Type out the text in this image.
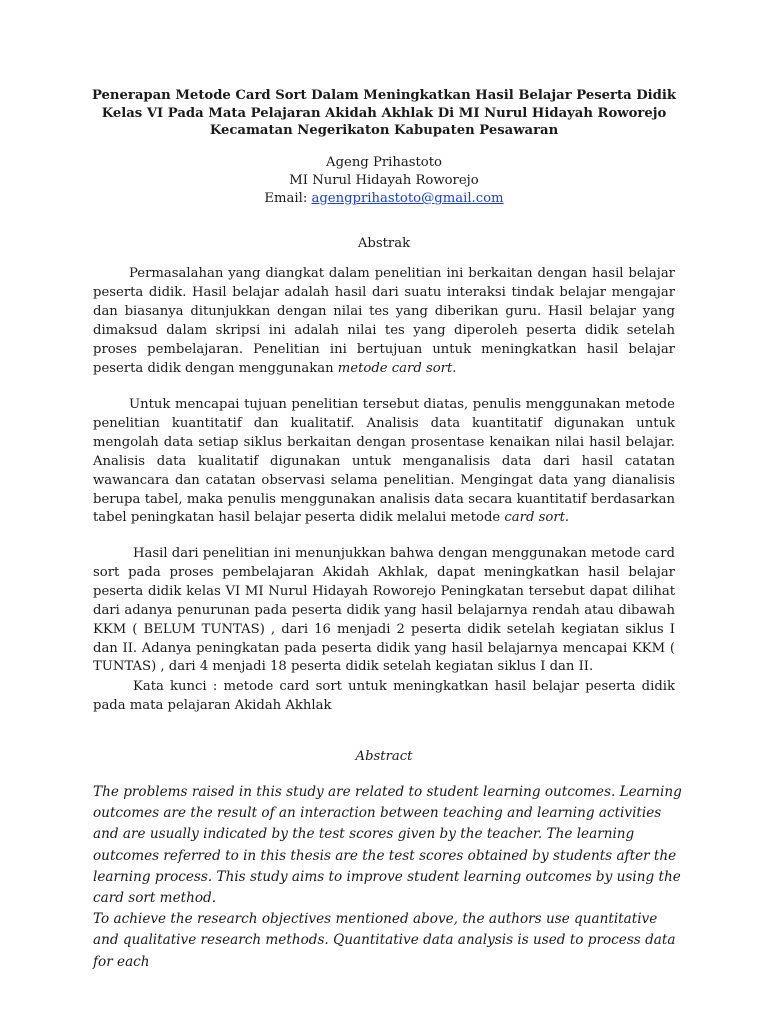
Penerapan Metode Card Sort Dalam Meningkatkan Hasil Belajar Peserta Didik Kelas VI Pada Mata Pelajaran Akidah Akhlak Di MI Nurul Hidayah Roworejo Kecamatan Negerikaton Kabupaten Pesawaran
Ageng Prihastoto
MI Nurul Hidayah Roworejo
Email: agengprihastoto@gmail.com
Abstrak

Permasalahan yang diangkat dalam penelitian ini berkaitan dengan hasil belajar peserta didik. Hasil belajar adalah hasil dari suatu interaksi tindak belajar mengajar dan biasanya ditunjukkan dengan nilai tes yang diberikan guru. Hasil belajar yang dimaksud dalam skripsi ini adalah nilai tes yang diperoleh peserta didik setelah proses pembelajaran. Penelitian ini bertujuan untuk meningkatkan hasil belajar peserta didik dengan menggunakan metode card sort.

Untuk mencapai tujuan penelitian tersebut diatas, penulis menggunakan metode penelitian kuantitatif dan kualitatif. Analisis data kuantitatif digunakan untuk mengolah data setiap siklus berkaitan dengan prosentase kenaikan nilai hasil belajar. Analisis data kualitatif digunakan untuk menganalisis data dari hasil catatan wawancara dan catatan observasi selama penelitian. Mengingat data yang dianalisis berupa tabel, maka penulis menggunakan analisis data secara kuantitatif berdasarkan tabel peningkatan hasil belajar peserta didik melalui metode card sort.

Hasil dari penelitian ini menunjukkan bahwa dengan menggunakan metode card sort pada proses pembelajaran Akidah Akhlak, dapat meningkatkan hasil belajar peserta didik kelas VI MI Nurul Hidayah Roworejo Peningkatan tersebut dapat dilihat dari adanya penurunan pada peserta didik yang hasil belajarnya rendah atau dibawah KKM ( BELUM TUNTAS) , dari 16 menjadi 2 peserta didik setelah kegiatan siklus I dan II. Adanya peningkatan pada peserta didik yang hasil belajarnya mencapai KKM ( TUNTAS) , dari 4 menjadi 18 peserta didik setelah kegiatan siklus I dan II.

Kata kunci : metode card sort untuk meningkatkan hasil belajar peserta didik pada mata pelajaran Akidah Akhlak

Abstract

The problems raised in this study are related to student learning outcomes. Learning outcomes are the result of an interaction between teaching and learning activities and are usually indicated by the test scores given by the teacher. The learning outcomes referred to in this thesis are the test scores obtained by students after the learning process. This study aims to improve student learning outcomes by using the card sort method.

To achieve the research objectives mentioned above, the authors use quantitative and qualitative research methods. Quantitative data analysis is used to process data for each
